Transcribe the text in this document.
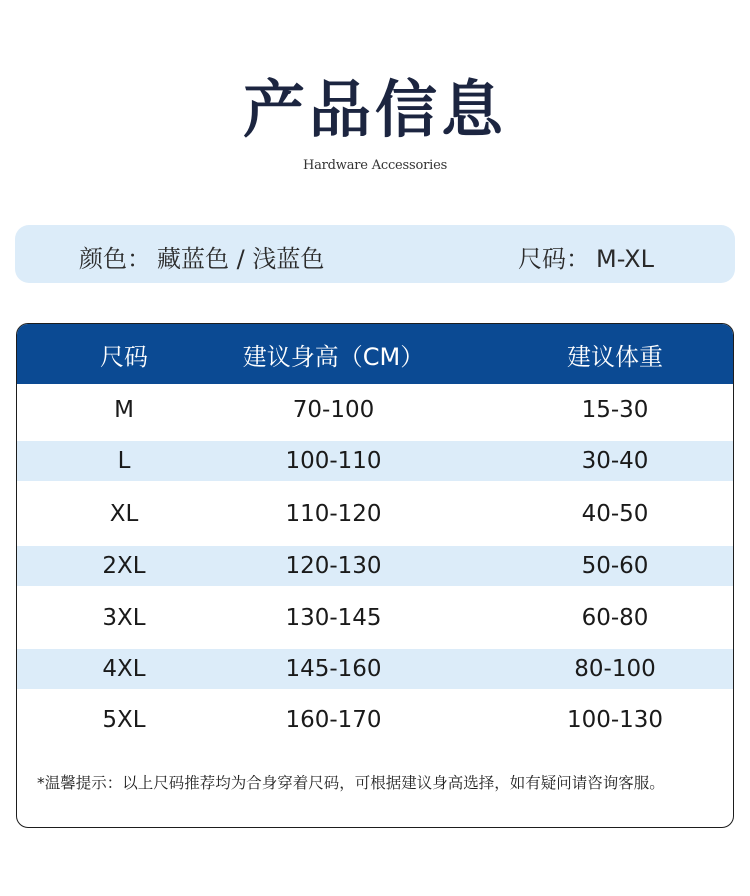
产品信息
Hardware Accessories
颜色： 藏蓝色 / 浅蓝色	尺码： M-XL
尺码	建议身高（CM）	建议体重
M	70-100	15-30
L	100-110	30-40
XL	110-120	40-50
2XL	120-130	50-60
3XL	130-145	60-80
4XL	145-160	80-100
5XL	160-170	100-130
*温馨提示：以上尺码推荐均为合身穿着尺码，可根据建议身高选择，如有疑问请咨询客服。
